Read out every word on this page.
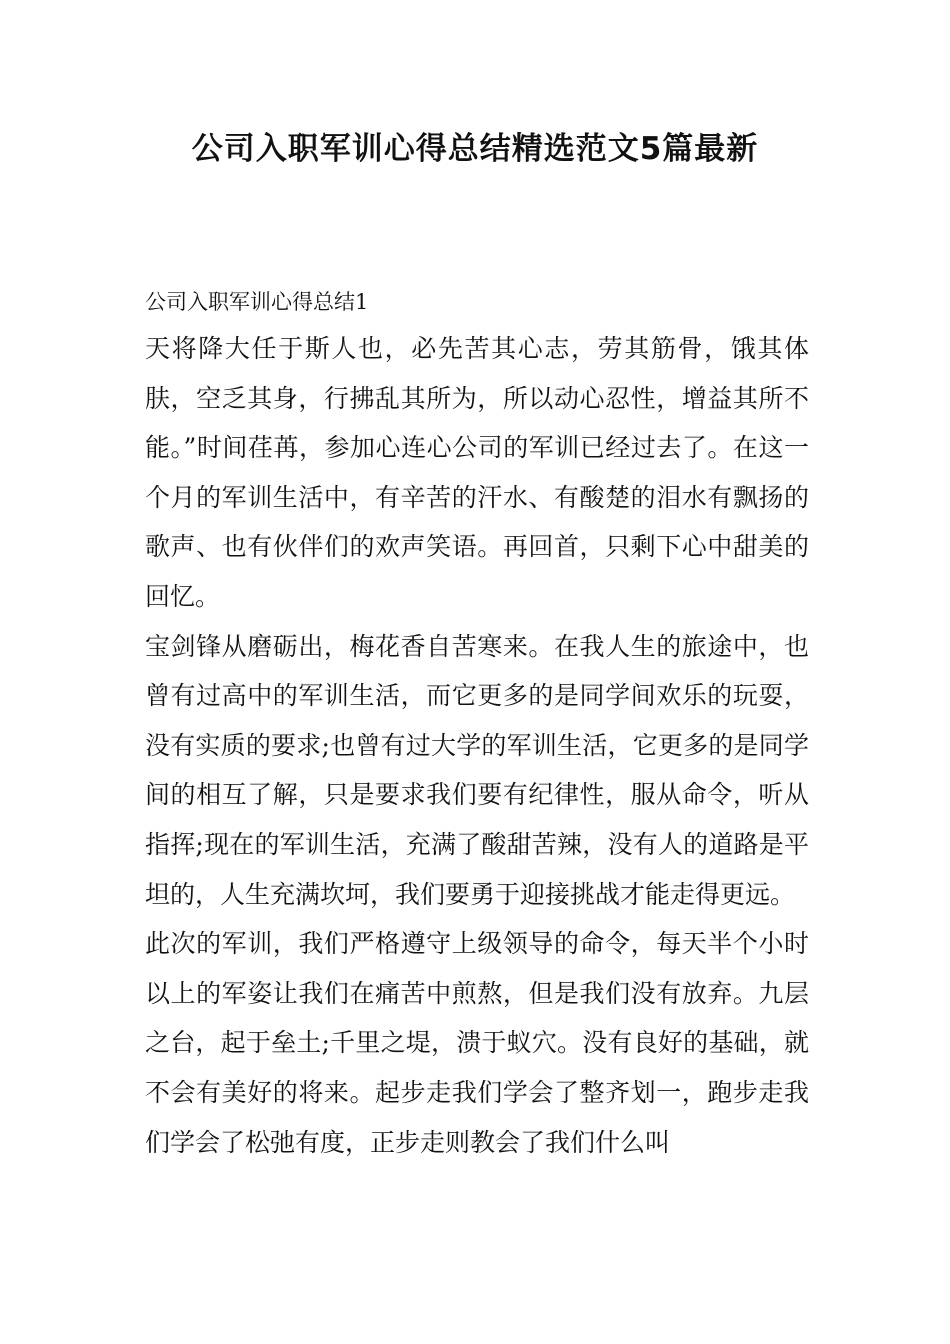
公司入职军训心得总结精选范文5篇最新

公司入职军训心得总结1

天将降大任于斯人也，必先苦其心志，劳其筋骨，饿其体肤，空乏其身，行拂乱其所为，所以动心忍性，增益其所不能。”时间荏苒，参加心连心公司的军训已经过去了。在这一个月的军训生活中，有辛苦的汗水、有酸楚的泪水有飘扬的歌声、也有伙伴们的欢声笑语。再回首，只剩下心中甜美的回忆。

宝剑锋从磨砺出，梅花香自苦寒来。在我人生的旅途中，也曾有过高中的军训生活，而它更多的是同学间欢乐的玩耍，没有实质的要求;也曾有过大学的军训生活，它更多的是同学间的相互了解，只是要求我们要有纪律性，服从命令，听从指挥;现在的军训生活，充满了酸甜苦辣，没有人的道路是平坦的，人生充满坎坷，我们要勇于迎接挑战才能走得更远。

此次的军训，我们严格遵守上级领导的命令，每天半个小时以上的军姿让我们在痛苦中煎熬，但是我们没有放弃。九层之台，起于垒土;千里之堤，溃于蚁穴。没有良好的基础，就不会有美好的将来。起步走我们学会了整齐划一，跑步走我们学会了松弛有度，正步走则教会了我们什么叫
